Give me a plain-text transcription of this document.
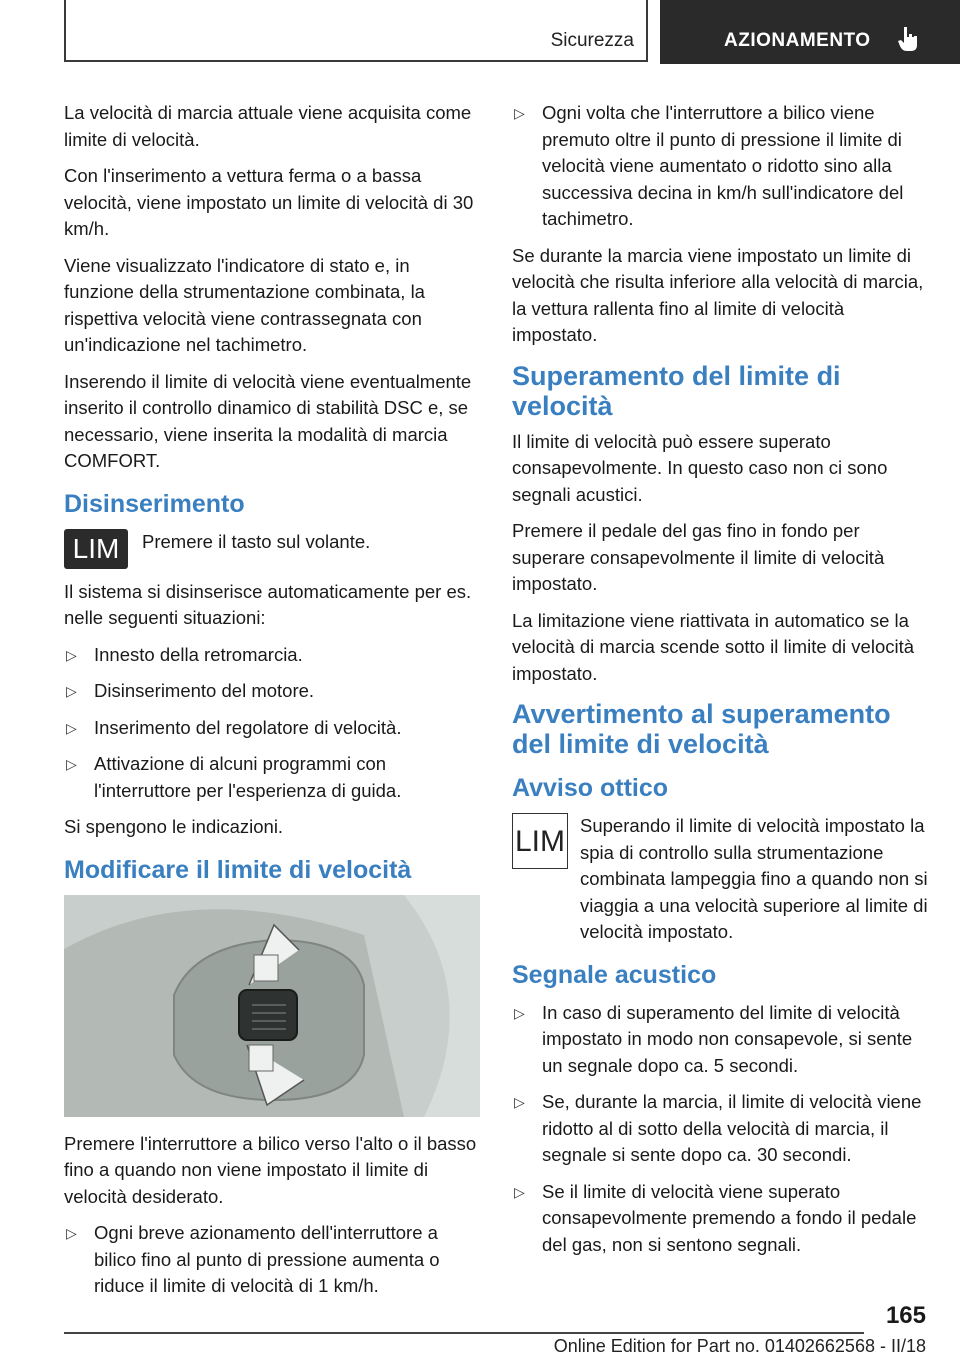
Sicurezza	AZIONAMENTO

La velocità di marcia attuale viene acquisita come limite di velocità.

Con l'inserimento a vettura ferma o a bassa velocità, viene impostato un limite di velocità di 30 km/h.

Viene visualizzato l'indicatore di stato e, in funzione della strumentazione combinata, la rispettiva velocità viene contrassegnata con un'indicazione nel tachimetro.

Inserendo il limite di velocità viene eventualmente inserito il controllo dinamico di stabilità DSC e, se necessario, viene inserita la modalità di marcia COMFORT.

Disinserimento
LIM	Premere il tasto sul volante.

Il sistema si disinserisce automaticamente per es. nelle seguenti situazioni:

▷ Innesto della retromarcia.
▷ Disinserimento del motore.
▷ Inserimento del regolatore di velocità.
▷ Attivazione di alcuni programmi con l'interruttore per l'esperienza di guida.

Si spengono le indicazioni.

Modificare il limite di velocità

Premere l'interruttore a bilico verso l'alto o il basso fino a quando non viene impostato il limite di velocità desiderato.

▷ Ogni breve azionamento dell'interruttore a bilico fino al punto di pressione aumenta o riduce il limite di velocità di 1 km/h.
▷ Ogni volta che l'interruttore a bilico viene premuto oltre il punto di pressione il limite di velocità viene aumentato o ridotto sino alla successiva decina in km/h sull'indicatore del tachimetro.

Se durante la marcia viene impostato un limite di velocità che risulta inferiore alla velocità di marcia, la vettura rallenta fino al limite di velocità impostato.

Superamento del limite di velocità

Il limite di velocità può essere superato consapevolmente. In questo caso non ci sono segnali acustici.

Premere il pedale del gas fino in fondo per superare consapevolmente il limite di velocità impostato.

La limitazione viene riattivata in automatico se la velocità di marcia scende sotto il limite di velocità impostato.

Avvertimento al superamento del limite di velocità
Avviso ottico
LIM Superando il limite di velocità impostato la spia di controllo sulla strumentazione combinata lampeggia fino a quando non si viaggia a una velocità superiore al limite di velocità impostato.
Segnale acustico
▷ In caso di superamento del limite di velocità impostato in modo non consapevole, si sente un segnale dopo ca. 5 secondi.
▷ Se, durante la marcia, il limite di velocità viene ridotto al di sotto della velocità di marcia, il segnale si sente dopo ca. 30 secondi.
▷ Se il limite di velocità viene superato consapevolmente premendo a fondo il pedale del gas, non si sentono segnali.
165
Online Edition for Part no. 01402662568 - II/18
